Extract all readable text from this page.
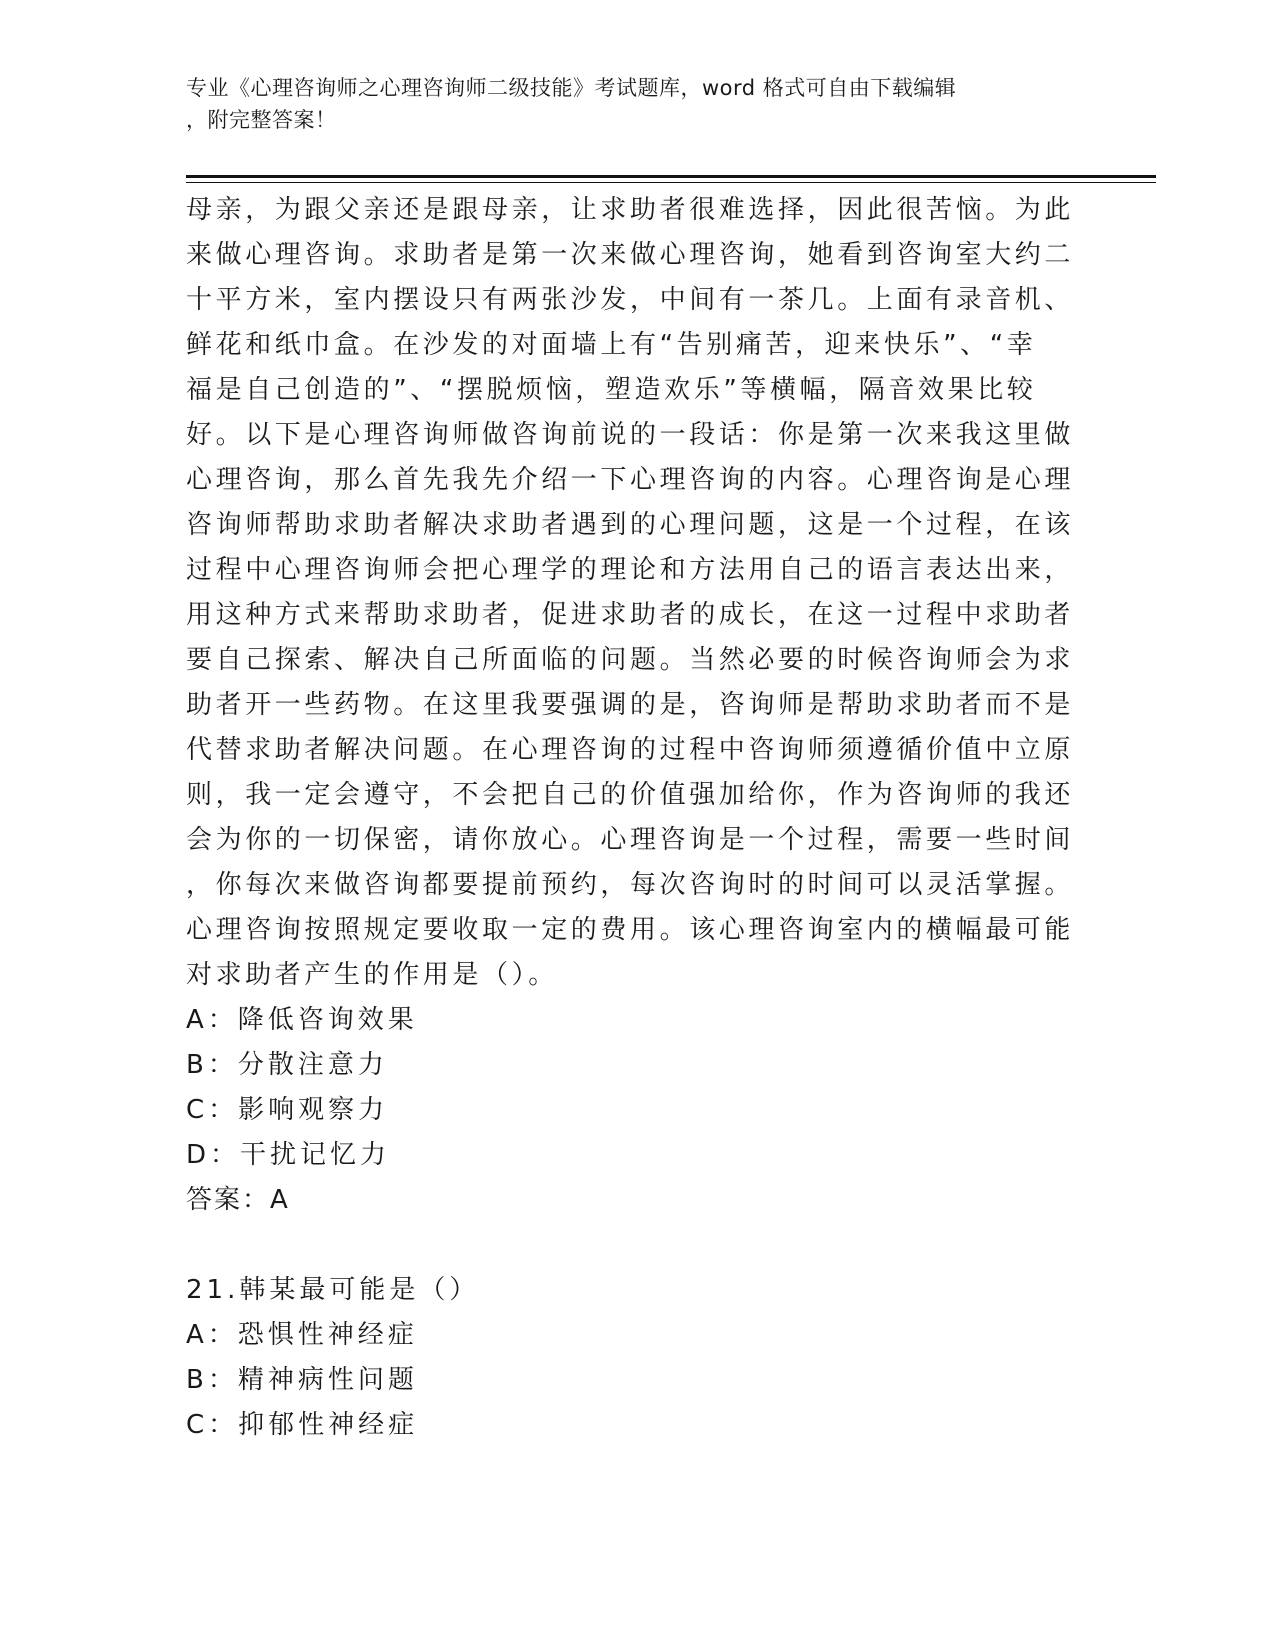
专业《心理咨询师之心理咨询师二级技能》考试题库，word 格式可自由下载编辑

，附完整答案！

母亲，为跟父亲还是跟母亲，让求助者很难选择，因此很苦恼。为此

来做心理咨询。求助者是第一次来做心理咨询，她看到咨询室大约二

十平方米，室内摆设只有两张沙发，中间有一茶几。上面有录音机、

鲜花和纸巾盒。在沙发的对面墙上有“告别痛苦，迎来快乐”、“幸

福是自己创造的”、“摆脱烦恼，塑造欢乐”等横幅，隔音效果比较

好。以下是心理咨询师做咨询前说的一段话：你是第一次来我这里做

心理咨询，那么首先我先介绍一下心理咨询的内容。心理咨询是心理

咨询师帮助求助者解决求助者遇到的心理问题，这是一个过程，在该

过程中心理咨询师会把心理学的理论和方法用自己的语言表达出来，

用这种方式来帮助求助者，促进求助者的成长，在这一过程中求助者

要自己探索、解决自己所面临的问题。当然必要的时候咨询师会为求

助者开一些药物。在这里我要强调的是，咨询师是帮助求助者而不是

代替求助者解决问题。在心理咨询的过程中咨询师须遵循价值中立原

则，我一定会遵守，不会把自己的价值强加给你，作为咨询师的我还

会为你的一切保密，请你放心。心理咨询是一个过程，需要一些时间

，你每次来做咨询都要提前预约，每次咨询时的时间可以灵活掌握。

心理咨询按照规定要收取一定的费用。该心理咨询室内的横幅最可能

对求助者产生的作用是（）。

A：降低咨询效果

B：分散注意力

C：影响观察力

D：干扰记忆力

答案：A

21.韩某最可能是（）

A：恐惧性神经症

B：精神病性问题

C：抑郁性神经症
